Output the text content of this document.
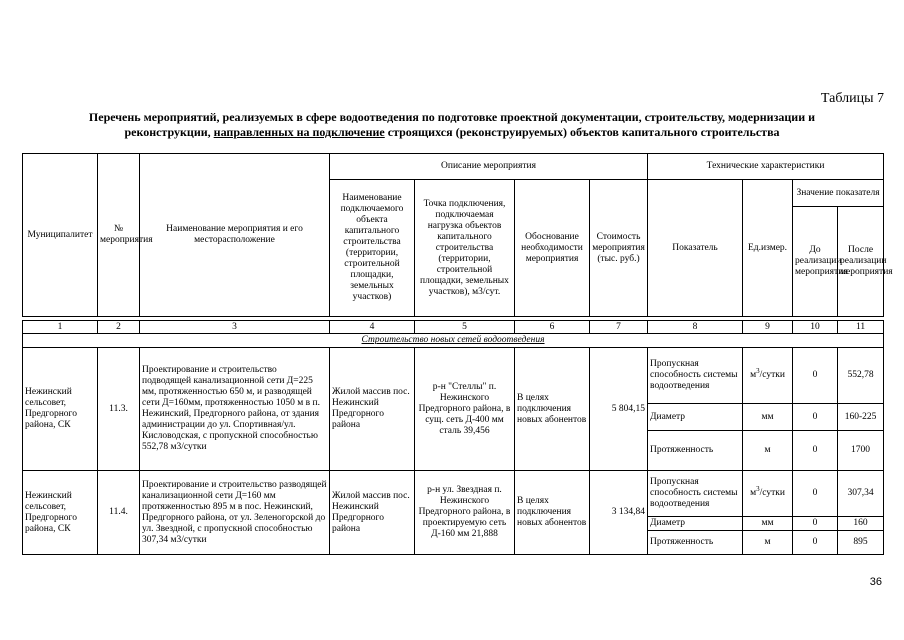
Таблицы 7
Перечень мероприятий, реализуемых в сфере водоотведения по подготовке проектной документации, строительству, модернизации и
реконструкции, направленных на подключение строящихся (реконструируемых) объектов капитального строительства
Муниципалитет	№ мероприятия	Наименование мероприятия и его месторасположение	Описание мероприятия				Технические характеристики			
			Наименование подключаемого объекта капитального строительства (территории, строительной площадки, земельных участков)	Точка подключения, подключаемая нагрузка объектов капитального строительства (территории, строительной площадки, земельных участков), м3/сут.	Обоснование необходимости мероприятия	Стоимость мероприятия (тыс. руб.)	Показатель	Ед.измер.	Значение показателя	
									До реализации мероприятия	После реализации мероприятия

1	2	3	4	5	6	7	8	9	10	11
Строительство новых сетей водоотведения										
Нежинский сельсовет, Предгорного района, СК	11.3.	Проектирование и строительство подводящей канализационной сети Д=225 мм, протяженностью 650 м, и разводящей сети Д=160мм, протяженностью 1050 м в п. Нежинский, Предгорного района, от здания администрации до ул. Спортивная/ул. Кисловодская, с пропускной способностью 552,78 м3/сутки	Жилой массив пос. Нежинский Предгорного района	р-н "Стеллы" п. Нежинского Предгорного района, в сущ. сеть Д-400 мм сталь 39,456	В целях подключения новых абонентов	5 804,15	Пропускная способность системы водоотведения	$м^3$/сутки	0	552,78
							Диаметр	мм	0	160-225
							Протяженность	м	0	1700
Нежинский сельсовет, Предгорного района, СК	11.4.	Проектирование и строительство разводящей канализационной сети Д=160 мм протяженностью 895 м в пос. Нежинский, Предгорного района, от ул. Зеленогорской до ул. Звездной, с пропускной способностью 307,34 м3/сутки	Жилой массив пос. Нежинский Предгорного района	р-н ул. Звездная п. Нежинского Предгорного района, в проектируемую сеть Д-160 мм 21,888	В целях подключения новых абонентов	3 134,84	Пропускная способность системы водоотведения	$м^3$/сутки	0	307,34
							Диаметр	мм	0	160
							Протяженность	м	0	895
36
